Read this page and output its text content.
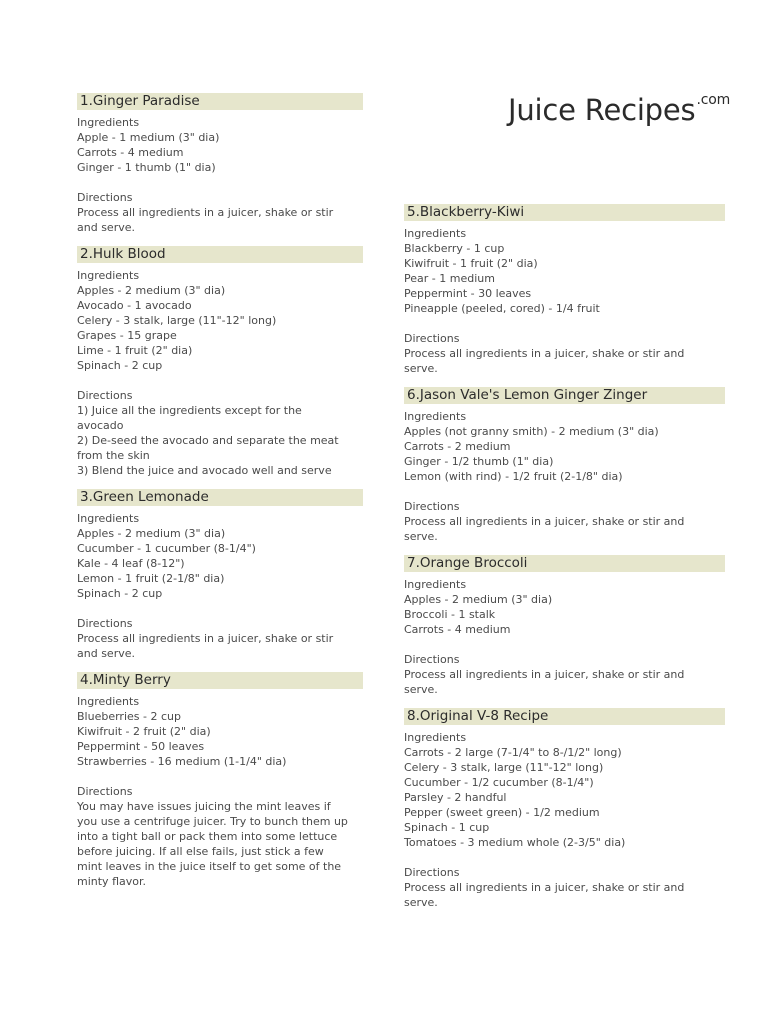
Juice Recipes$^{.com}$
1.Ginger Paradise
Ingredients
Apple - 1 medium (3" dia)
Carrots - 4 medium
Ginger - 1 thumb (1" dia)
Directions
Process all ingredients in a juicer, shake or stir
and serve.
2.Hulk Blood
Ingredients
Apples - 2 medium (3" dia)
Avocado - 1 avocado
Celery - 3 stalk, large (11"-12" long)
Grapes - 15 grape
Lime - 1 fruit (2" dia)
Spinach - 2 cup
Directions
1) Juice all the ingredients except for the
avocado
2) De-seed the avocado and separate the meat
from the skin
3) Blend the juice and avocado well and serve
3.Green Lemonade
Ingredients
Apples - 2 medium (3" dia)
Cucumber - 1 cucumber (8-1/4")
Kale - 4 leaf (8-12")
Lemon - 1 fruit (2-1/8" dia)
Spinach - 2 cup
Directions
Process all ingredients in a juicer, shake or stir
and serve.
4.Minty Berry
Ingredients
Blueberries - 2 cup
Kiwifruit - 2 fruit (2" dia)
Peppermint - 50 leaves
Strawberries - 16 medium (1-1/4" dia)
Directions
You may have issues juicing the mint leaves if
you use a centrifuge juicer. Try to bunch them up
into a tight ball or pack them into some lettuce
before juicing. If all else fails, just stick a few
mint leaves in the juice itself to get some of the
minty flavor.
5.Blackberry-Kiwi
Ingredients
Blackberry - 1 cup
Kiwifruit - 1 fruit (2" dia)
Pear - 1 medium
Peppermint - 30 leaves
Pineapple (peeled, cored) - 1/4 fruit
Directions
Process all ingredients in a juicer, shake or stir and
serve.
6.Jason Vale's Lemon Ginger Zinger
Ingredients
Apples (not granny smith) - 2 medium (3" dia)
Carrots - 2 medium
Ginger - 1/2 thumb (1" dia)
Lemon (with rind) - 1/2 fruit (2-1/8" dia)
Directions
Process all ingredients in a juicer, shake or stir and
serve.
7.Orange Broccoli
Ingredients
Apples - 2 medium (3" dia)
Broccoli - 1 stalk
Carrots - 4 medium
Directions
Process all ingredients in a juicer, shake or stir and
serve.
8.Original V-8 Recipe
Ingredients
Carrots - 2 large (7-1/4" to 8-/1/2" long)
Celery - 3 stalk, large (11"-12" long)
Cucumber - 1/2 cucumber (8-1/4")
Parsley - 2 handful
Pepper (sweet green) - 1/2 medium
Spinach - 1 cup
Tomatoes - 3 medium whole (2-3/5" dia)
Directions
Process all ingredients in a juicer, shake or stir and
serve.
